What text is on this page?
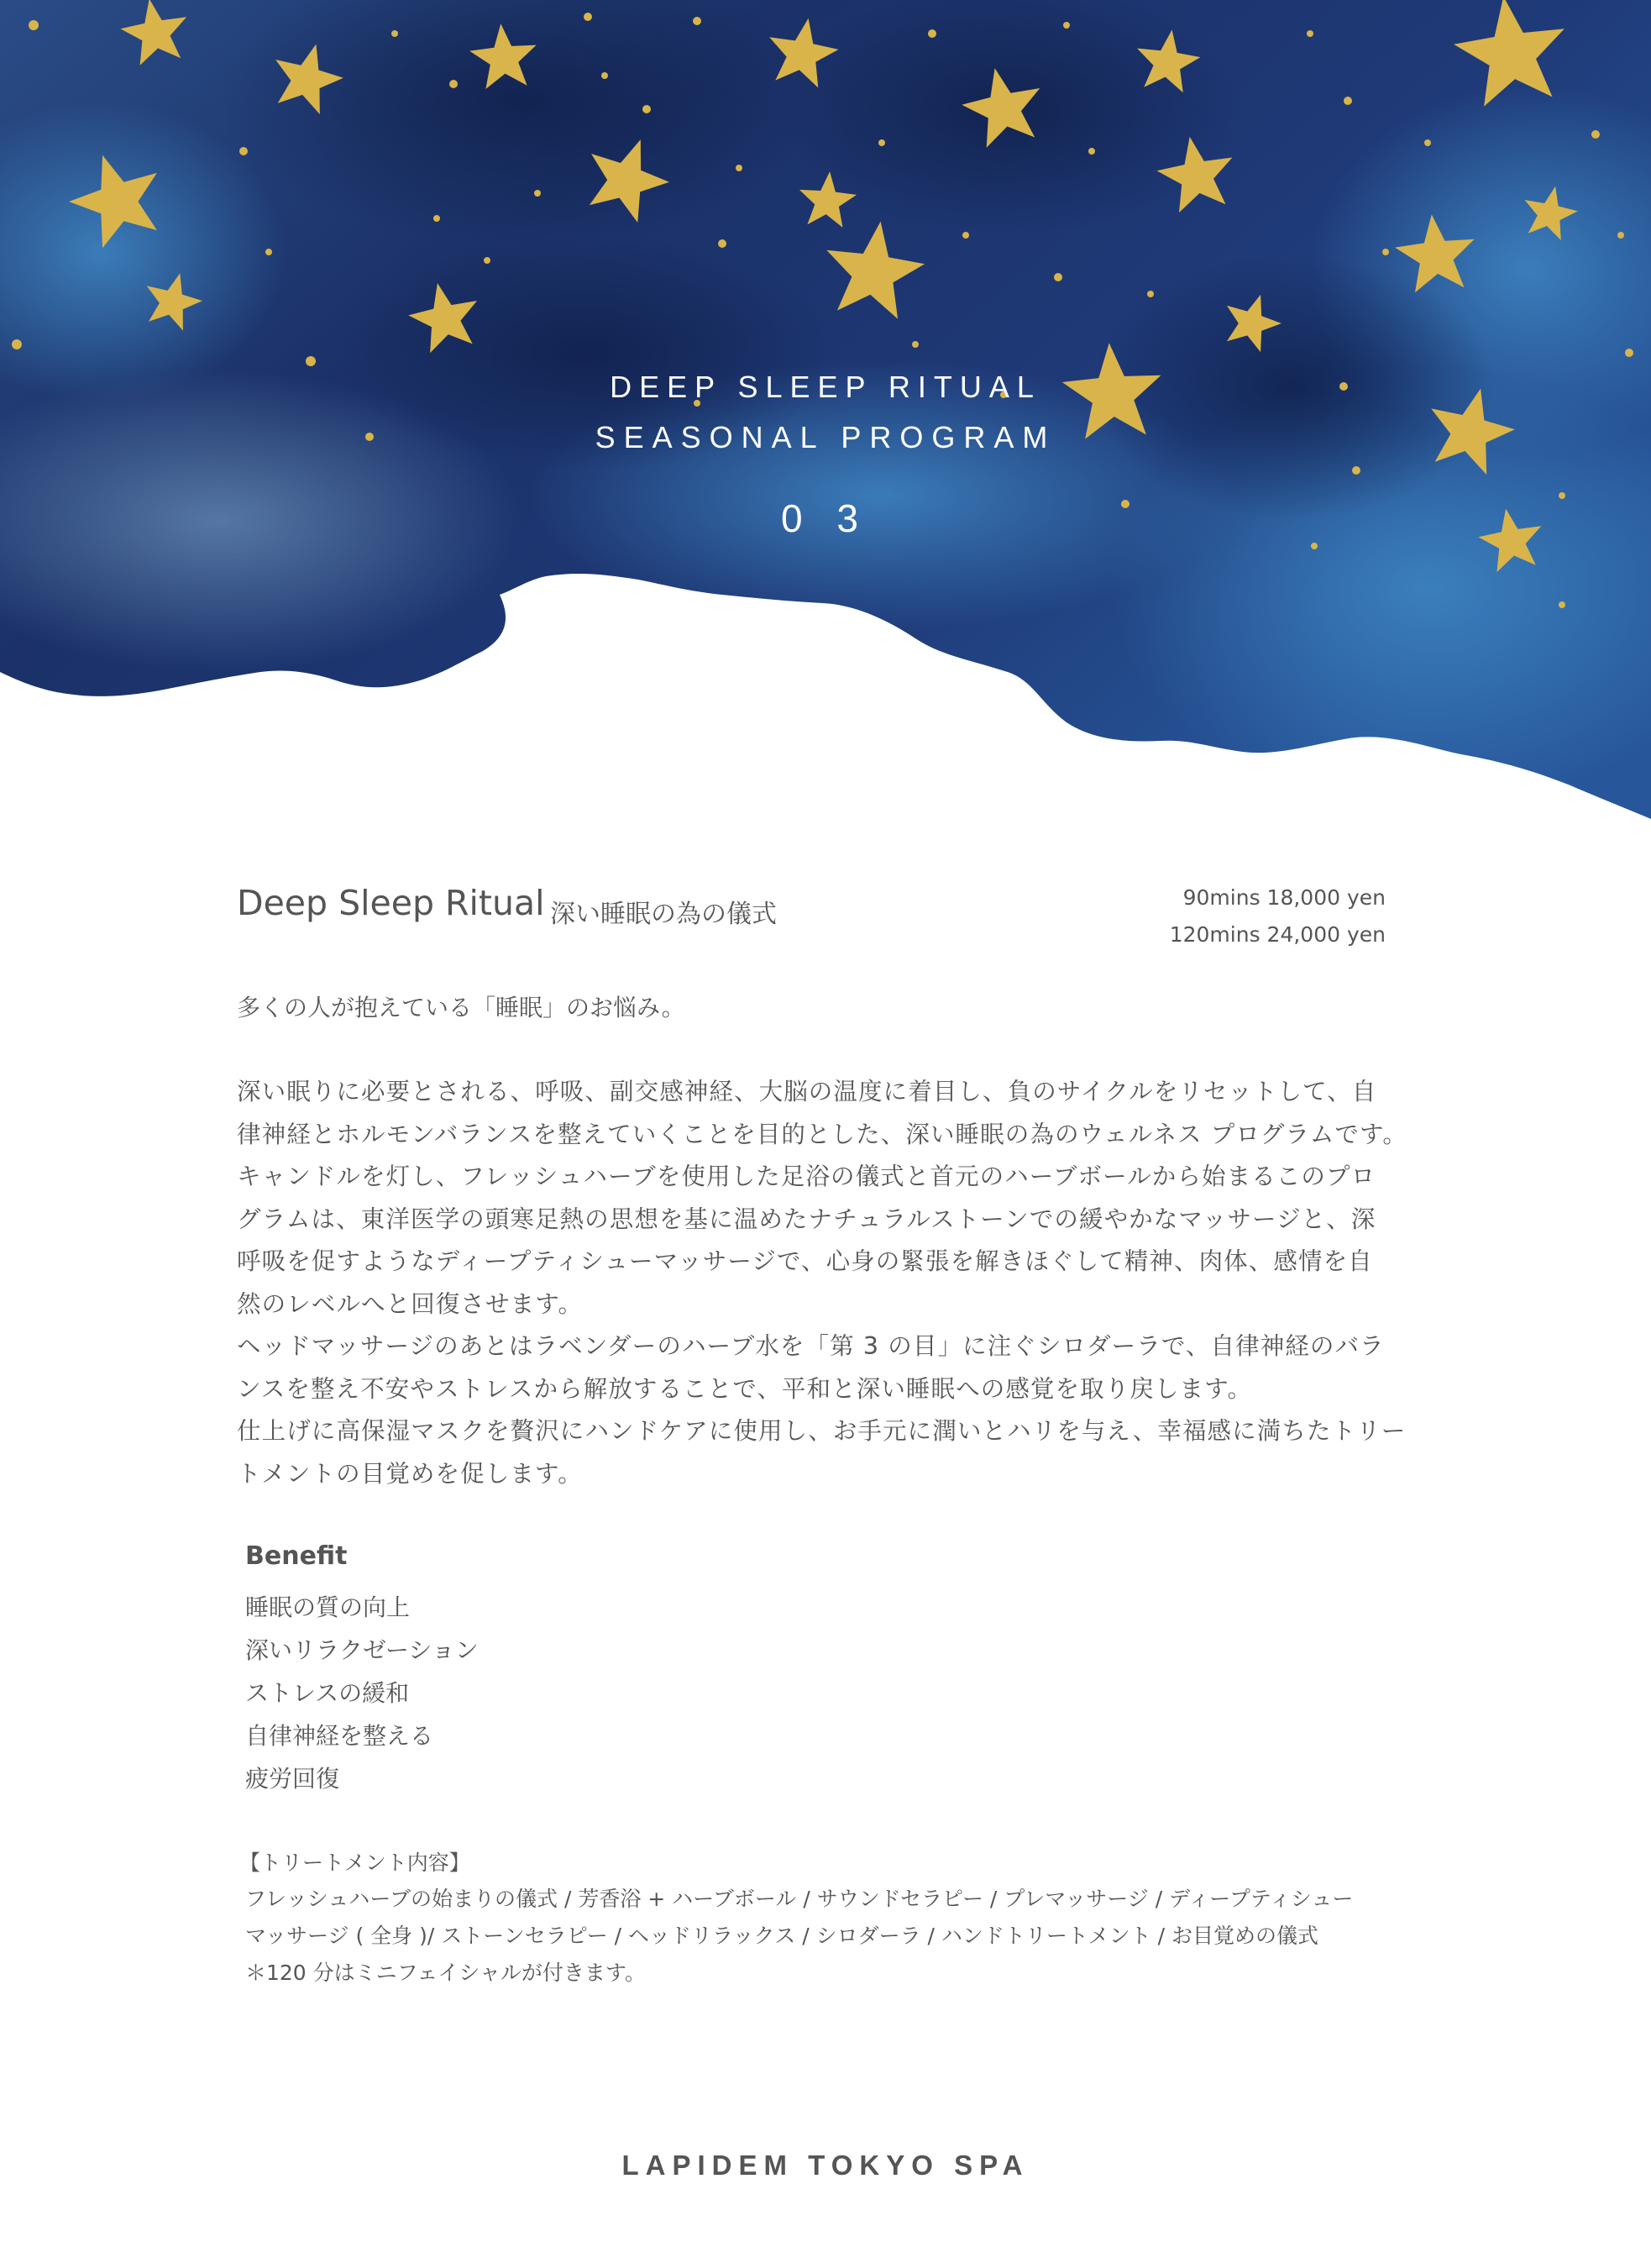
DEEP SLEEP RITUAL
SEASONAL PROGRAM
0 3
Deep Sleep Ritual 深い睡眠の為の儀式
90mins 18,000 yen
120mins 24,000 yen
多くの人が抱えている「睡眠」のお悩み。
深い眠りに必要とされる、呼吸、副交感神経、大脳の温度に着目し、負のサイクルをリセットして、自
律神経とホルモンバランスを整えていくことを目的とした、深い睡眠の為のウェルネス プログラムです。
キャンドルを灯し、フレッシュハーブを使用した足浴の儀式と首元のハーブボールから始まるこのプロ
グラムは、東洋医学の頭寒足熱の思想を基に温めたナチュラルストーンでの緩やかなマッサージと、深
呼吸を促すようなディープティシューマッサージで、心身の緊張を解きほぐして精神、肉体、感情を自
然のレベルへと回復させます。
ヘッドマッサージのあとはラベンダーのハーブ水を「第 3 の目」に注ぐシロダーラで、自律神経のバラ
ンスを整え不安やストレスから解放することで、平和と深い睡眠への感覚を取り戻します。
仕上げに高保湿マスクを贅沢にハンドケアに使用し、お手元に潤いとハリを与え、幸福感に満ちたトリー
トメントの目覚めを促します。
Benefit
睡眠の質の向上
深いリラクゼーション
ストレスの緩和
自律神経を整える
疲労回復
【トリートメント内容】
フレッシュハーブの始まりの儀式 / 芳香浴 + ハーブボール / サウンドセラピー / プレマッサージ / ディープティシュー
マッサージ ( 全身 )/ ストーンセラピー / ヘッドリラックス / シロダーラ / ハンドトリートメント / お目覚めの儀式
＊120 分はミニフェイシャルが付きます。
LAPIDEM TOKYO SPA
